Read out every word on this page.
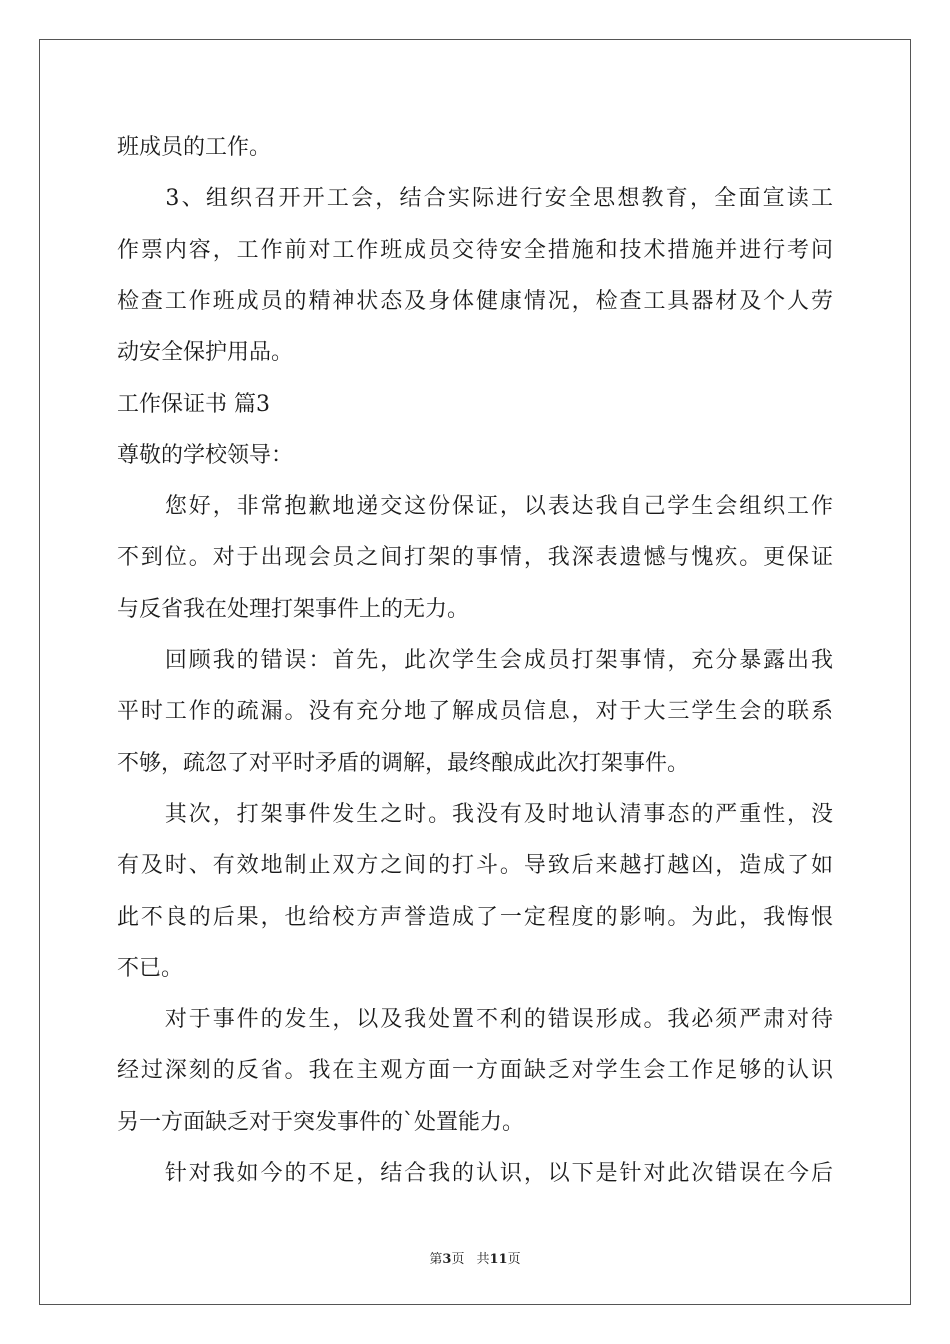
班成员的工作。
　　3、组织召开开工会，结合实际进行安全思想教育，全面宣读工
作票内容，工作前对工作班成员交待安全措施和技术措施并进行考问
检查工作班成员的精神状态及身体健康情况，检查工具器材及个人劳
动安全保护用品。
工作保证书 篇3
尊敬的学校领导：
　　您好，非常抱歉地递交这份保证，以表达我自己学生会组织工作
不到位。对于出现会员之间打架的事情，我深表遗憾与愧疚。更保证
与反省我在处理打架事件上的无力。
　　回顾我的错误：首先，此次学生会成员打架事情，充分暴露出我
平时工作的疏漏。没有充分地了解成员信息，对于大三学生会的联系
不够，疏忽了对平时矛盾的调解，最终酿成此次打架事件。
　　其次，打架事件发生之时。我没有及时地认清事态的严重性，没
有及时、有效地制止双方之间的打斗。导致后来越打越凶，造成了如
此不良的后果，也给校方声誉造成了一定程度的影响。为此，我悔恨
不已。
　　对于事件的发生，以及我处置不利的错误形成。我必须严肃对待
经过深刻的反省。我在主观方面一方面缺乏对学生会工作足够的认识
另一方面缺乏对于突发事件的`处置能力。
　　针对我如今的不足，结合我的认识，以下是针对此次错误在今后
第3页 共11页
